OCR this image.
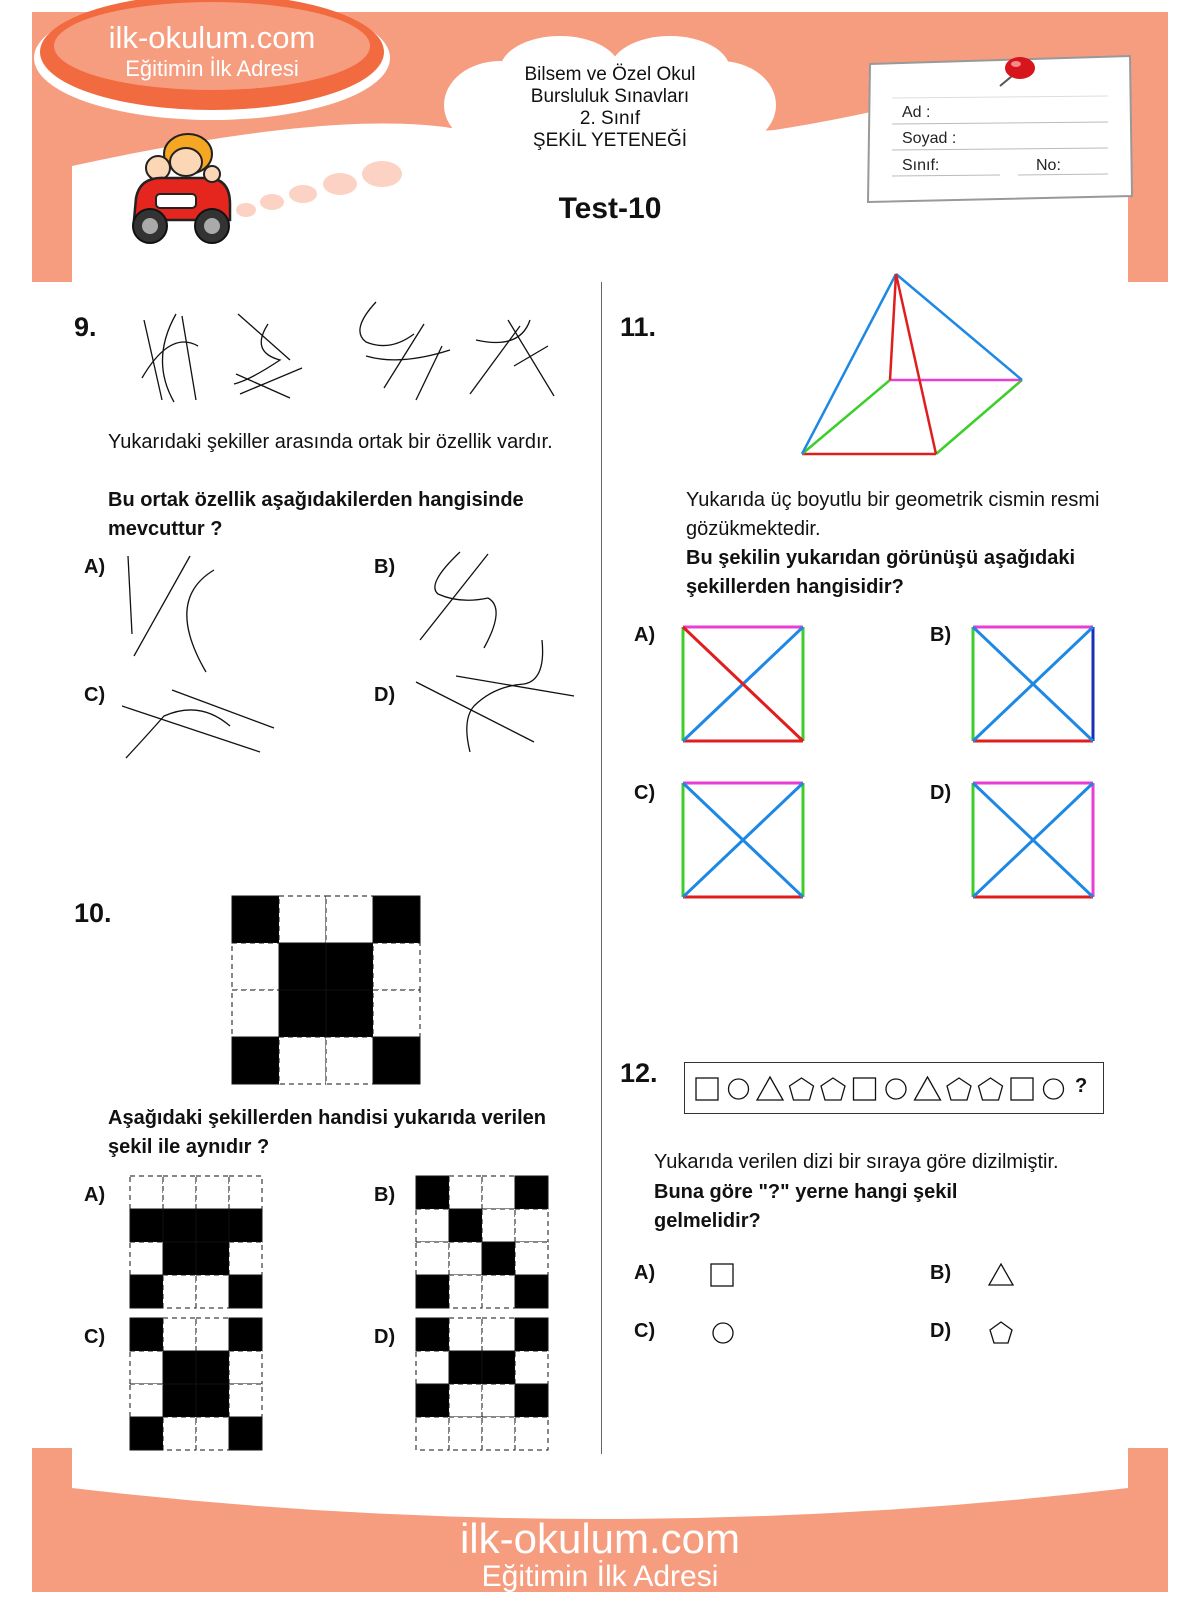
ilk-okulum.com
Eğitimin İlk Adresi	Bilsem ve Özel Okul
Bursluluk Sınavları
2. Sınıf
ŞEKİL YETENEĞİ
Test-10
Ad :
Soyad :
Sınıf:	No:
9.
Yukarıdaki şekiller arasında ortak bir özellik vardır.
Bu ortak özellik aşağıdakilerden hangisinde mevcuttur ?
A)	B)
C)	D)
10.
Aşağıdaki şekillerden handisi yukarıda verilen şekil ile aynıdır ?
A)	B)
C)	D)
11.
Yukarıda üç boyutlu bir geometrik cismin resmi gözükmektedir.
Bu şekilin yukarıdan görünüşü aşağıdaki şekillerden hangisidir?
A)	B)
C)	D)
12.	?
Yukarıda verilen dizi bir sıraya göre dizilmiştir.
Buna göre "?" yerne hangi şekil gelmelidir?
A)	B)
C)	D)
ilk-okulum.com
Eğitimin İlk Adresi
